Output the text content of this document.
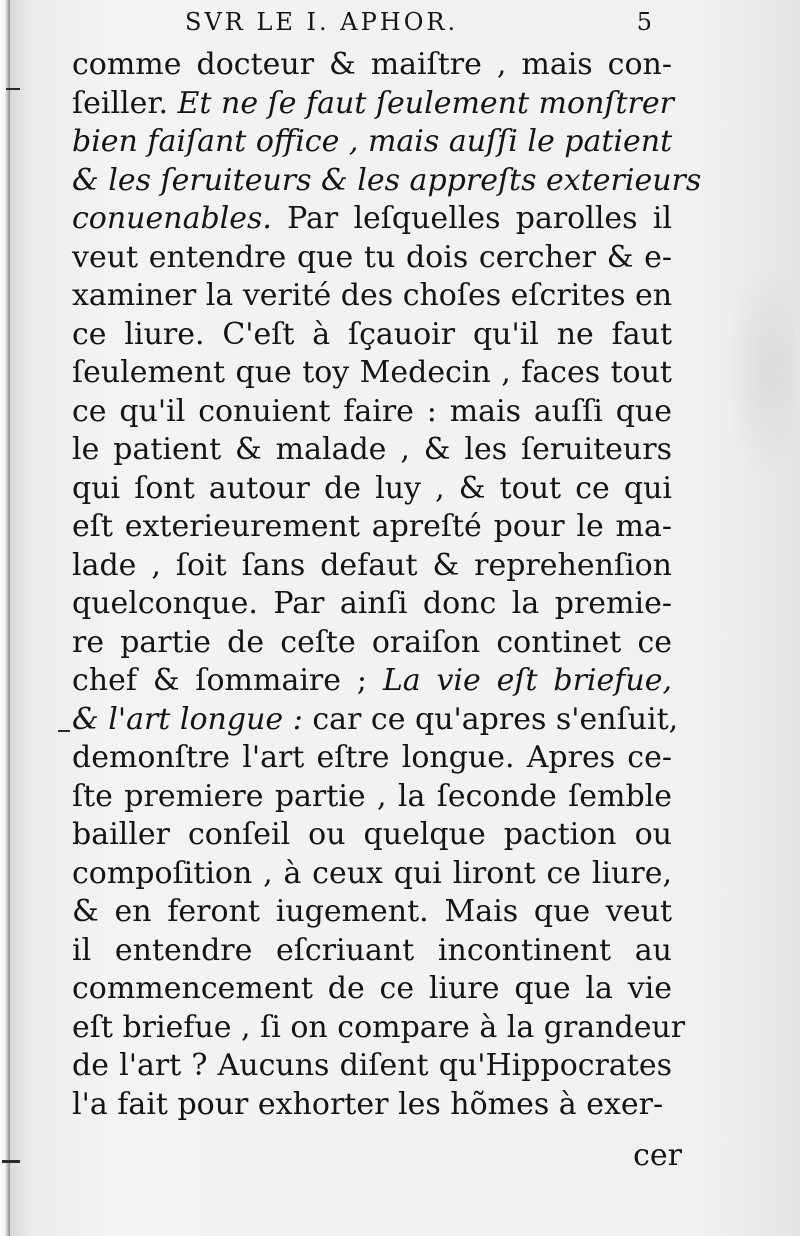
SVR LE I. APHOR.	5
comme docteur & maiſtre , mais con-
ſeiller. Et ne ſe faut ſeulement monſtrer
bien faiſant office , mais auſſi le patient
& les ſeruiteurs & les appreſts exterieurs
conuenables. Par leſquelles parolles il
veut entendre que tu dois cercher & e-
xaminer la verité des choſes eſcrites en
ce liure. C'eſt à ſçauoir qu'il ne faut
ſeulement que toy Medecin , faces tout
ce qu'il conuient faire : mais auſſi que
le patient & malade , & les ſeruiteurs
qui ſont autour de luy , & tout ce qui
eſt exterieurement apreſté pour le ma-
lade , ſoit ſans defaut & reprehenſion
quelconque. Par ainſi donc la premie-
re partie de ceſte oraiſon continet ce
chef & ſommaire ; La vie eſt briefue,
& l'art longue : car ce qu'apres s'enſuit,
demonſtre l'art eſtre longue. Apres ce-
ſte premiere partie , la ſeconde ſemble
bailler conſeil ou quelque paction ou
compoſition , à ceux qui liront ce liure,
& en feront iugement. Mais que veut
il entendre eſcriuant incontinent au
commencement de ce liure que la vie
eſt briefue , ſi on compare à la grandeur
de l'art ? Aucuns diſent qu'Hippocrates
l'a fait pour exhorter les hõmes à exer-
cer
